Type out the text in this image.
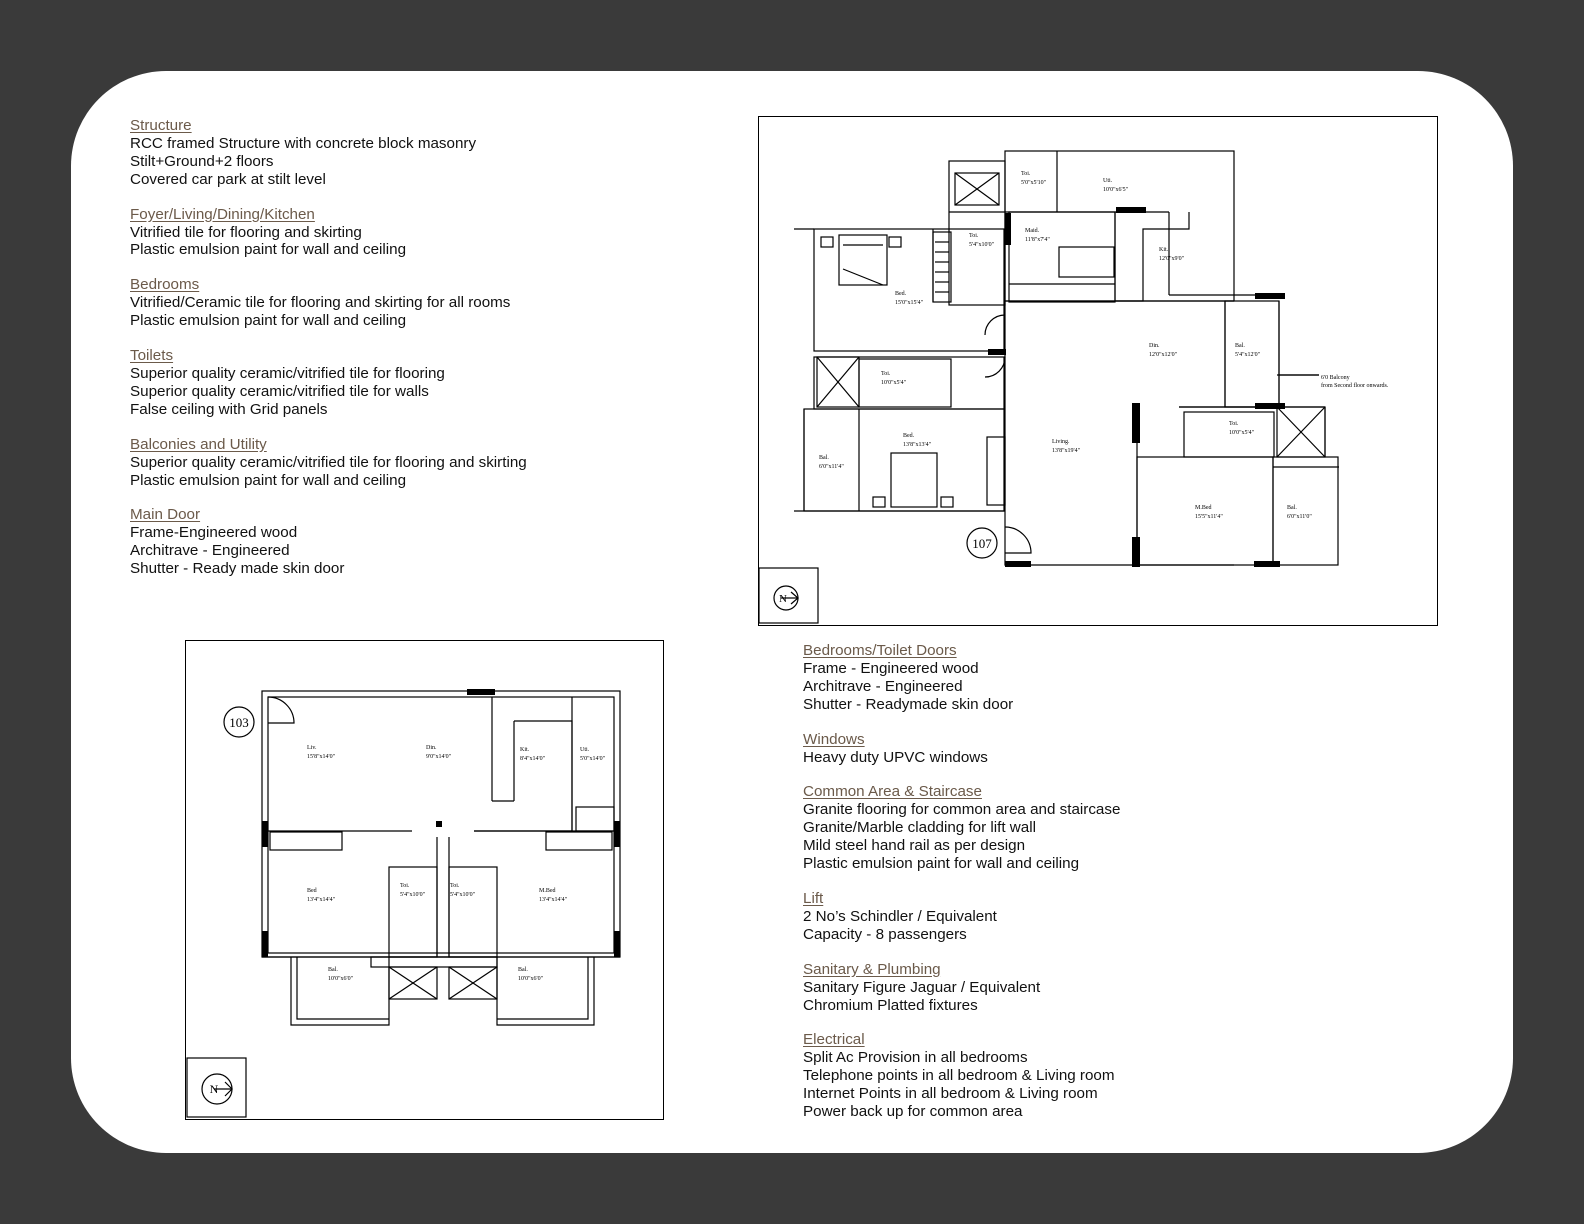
Structure
RCC framed Structure with concrete block masonry
Stilt+Ground+2 floors
Covered car park at stilt level
Foyer/Living/Dining/Kitchen
Vitrified tile for flooring and skirting
Plastic emulsion paint for wall and ceiling
Bedrooms
Vitrified/Ceramic tile for flooring and skirting for all rooms
Plastic emulsion paint for wall and ceiling
Toilets
Superior quality ceramic/vitrified tile for flooring
Superior quality ceramic/vitrified tile for walls
False ceiling with Grid panels
Balconies and Utility
Superior quality ceramic/vitrified tile for flooring and skirting
Plastic emulsion paint for wall and ceiling
Main Door
Frame-Engineered wood
Architrave - Engineered
Shutter - Ready made skin door
Bedrooms/Toilet Doors
Frame - Engineered wood
Architrave - Engineered
Shutter - Readymade skin door
Windows
Heavy duty UPVC windows
Common Area & Staircase
Granite flooring for common area and staircase
Granite/Marble cladding for lift wall
Mild steel hand rail as per design
Plastic emulsion paint for wall and ceiling
Lift
2 No’s Schindler / Equivalent
Capacity - 8 passengers
Sanitary & Plumbing
Sanitary Figure Jaguar / Equivalent
Chromium Platted fixtures
Electrical
Split Ac Provision in all bedrooms
Telephone points in all bedroom & Living room
Internet Points in all bedroom & Living room
Power back up for common area
Toi.
5'0"x5'10"	Uti.
10'0"x6'5"
Toi.
5'4"x10'0"
Maid.
11'8"x7'4"
Kit.
12'0"x9'0"
Bed.
15'0"x15'4"
Din.
12'0"x12'0"
Bal.
5'4"x12'0"
Toi.
10'0"x5'4"
Toi.
10'0"x5'4"
Bed.
13'8"x13'4"	Living.
13'8"x19'4"
Bal.
6'0"x11'4"
M.Bed
15'5"x11'4"
Bal.
6'0"x11'0"
6'0 Balcony
from Second floor onwards.
107
N
Liv.
15'8"x14'0"
Din.
9'0"x14'0"
Kit.
8'4"x14'0"
Uti.
5'0"x14'0"
Bed
13'4"x14'4"
Toi.
5'4"x10'0"
Toi.
5'4"x10'0"
M.Bed
13'4"x14'4"
Bal.
10'0"x6'0"
Bal.
10'0"x6'0"
103
N
